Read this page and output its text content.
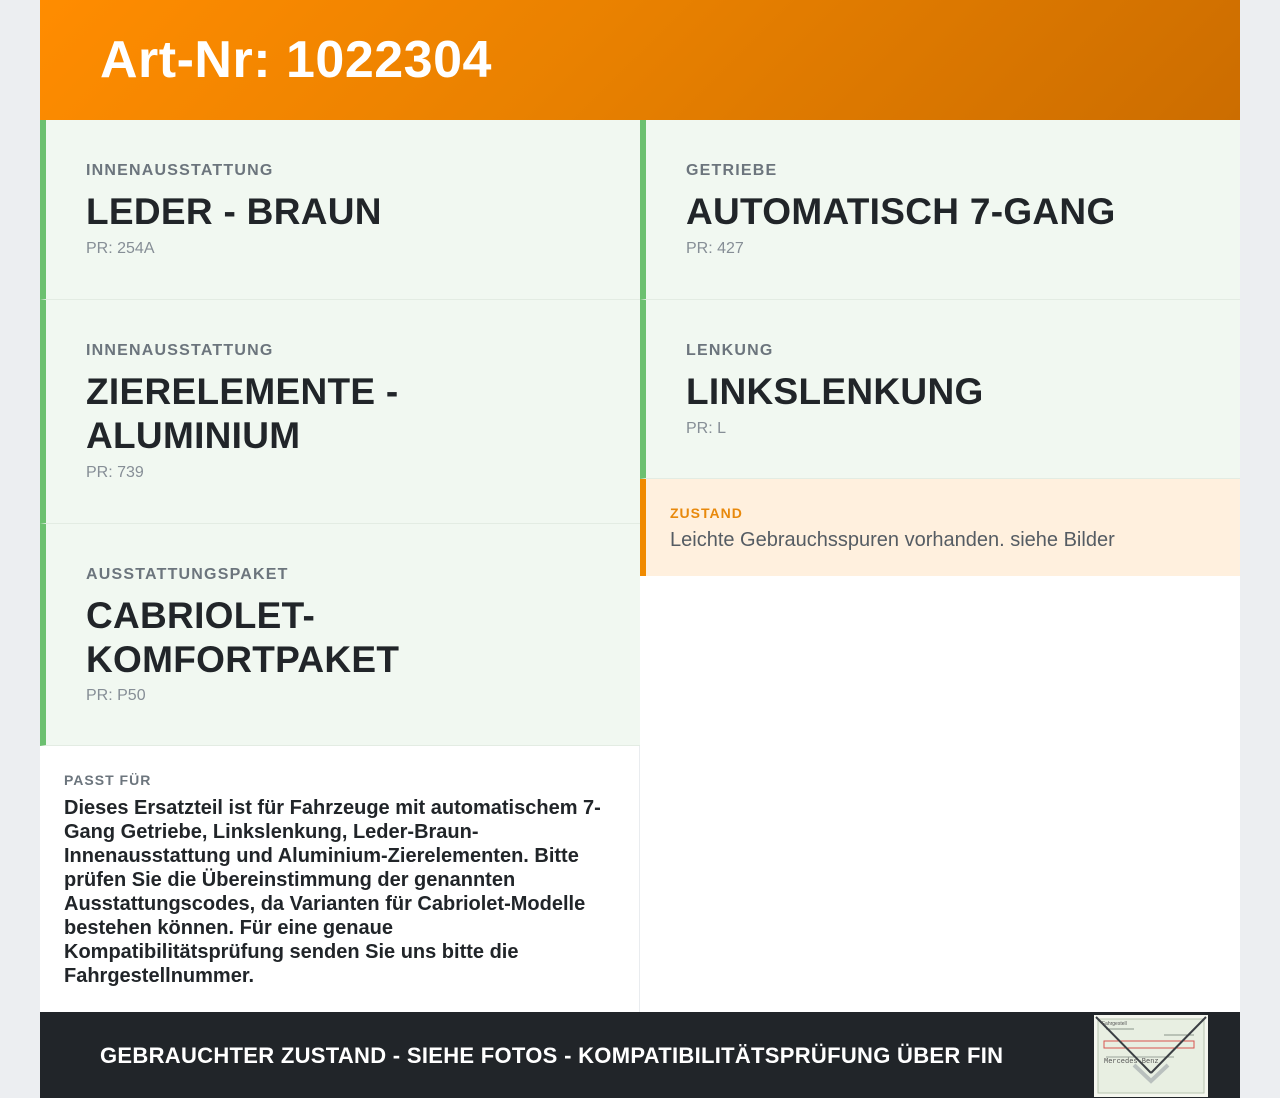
Art-Nr: 1022304
INNENAUSSTATTUNG
LEDER - BRAUN
PR: 254A
INNENAUSSTATTUNG
ZIERELEMENTE - ALUMINIUM
PR: 739
AUSSTATTUNGSPAKET
CABRIOLET-KOMFORTPAKET
PR: P50
PASST FÜR
Dieses Ersatzteil ist für Fahrzeuge mit automatischem 7-Gang Getriebe, Linkslenkung, Leder-Braun-Innenausstattung und Aluminium-Zierelementen. Bitte prüfen Sie die Übereinstimmung der genannten Ausstattungscodes, da Varianten für Cabriolet-Modelle bestehen können. Für eine genaue Kompatibilitätsprüfung senden Sie uns bitte die Fahrgestellnummer.
GETRIEBE
AUTOMATISCH 7-GANG
PR: 427
LENKUNG
LINKSLENKUNG
PR: L
ZUSTAND
Leichte Gebrauchsspuren vorhanden. siehe Bilder
GEBRAUCHTER ZUSTAND - SIEHE FOTOS - KOMPATIBILITÄTSPRÜFUNG ÜBER FIN
Fahrgestell
Mercedes-Benz
